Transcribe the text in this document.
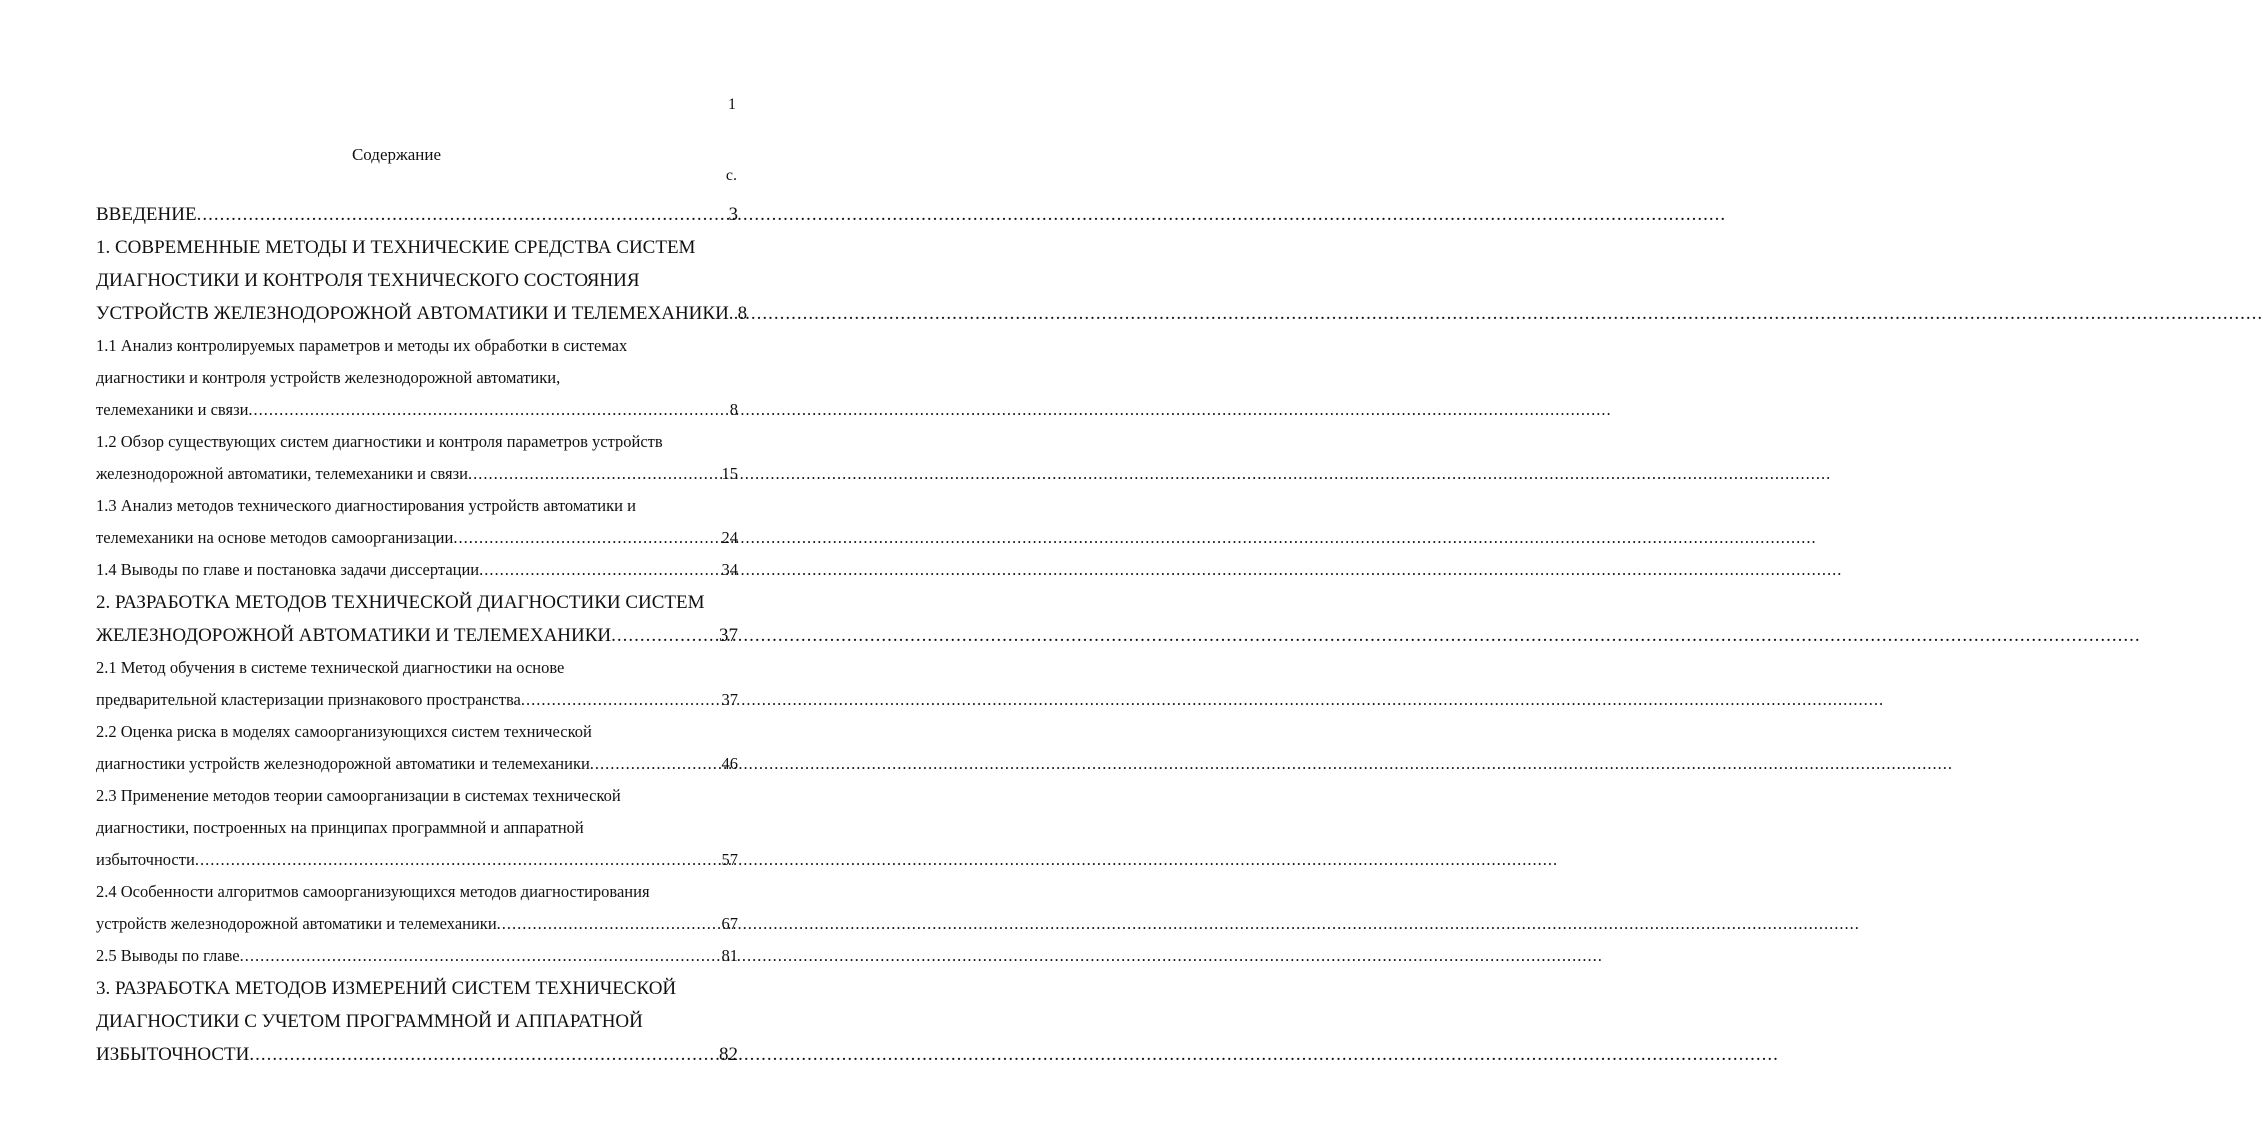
1
Содержание
с.
ВВЕДЕНИЕ .....	3
1. СОВРЕМЕННЫЕ МЕТОДЫ И ТЕХНИЧЕСКИЕ СРЕДСТВА СИСТЕМ
ДИАГНОСТИКИ И КОНТРОЛЯ ТЕХНИЧЕСКОГО СОСТОЯНИЯ
УСТРОЙСТВ ЖЕЛЕЗНОДОРОЖНОЙ АВТОМАТИКИ И ТЕЛЕМЕХАНИКИ. ..... 8
1.1 Анализ контролируемых параметров и методы их обработки в системах
диагностики и контроля устройств железнодорожной автоматики,
телемеханики и связи .....	8
1.2 Обзор существующих систем диагностики и контроля параметров устройств
железнодорожной автоматики, телемеханики и связи .....	15
1.3 Анализ методов технического диагностирования устройств автоматики и
телемеханики на основе методов самоорганизации .....	24
1.4 Выводы по главе и постановка задачи диссертации .....	34
2. РАЗРАБОТКА МЕТОДОВ ТЕХНИЧЕСКОЙ ДИАГНОСТИКИ СИСТЕМ
ЖЕЛЕЗНОДОРОЖНОЙ АВТОМАТИКИ И ТЕЛЕМЕХАНИКИ .....	37
2.1 Метод обучения в системе технической диагностики на основе
предварительной кластеризации признакового пространства .....	37
2.2 Оценка риска в моделях самоорганизующихся систем технической
диагностики устройств железнодорожной автоматики и телемеханики .....	46
2.3 Применение методов теории самоорганизации в системах технической
диагностики, построенных на принципах программной и аппаратной
избыточности .....	57
2.4 Особенности алгоритмов самоорганизующихся методов диагностирования
устройств железнодорожной автоматики и телемеханики .....	67
2.5 Выводы по главе .....	81
3. РАЗРАБОТКА МЕТОДОВ ИЗМЕРЕНИЙ СИСТЕМ ТЕХНИЧЕСКОЙ
ДИАГНОСТИКИ С УЧЕТОМ ПРОГРАММНОЙ И АППАРАТНОЙ
ИЗБЫТОЧНОСТИ .....	82
